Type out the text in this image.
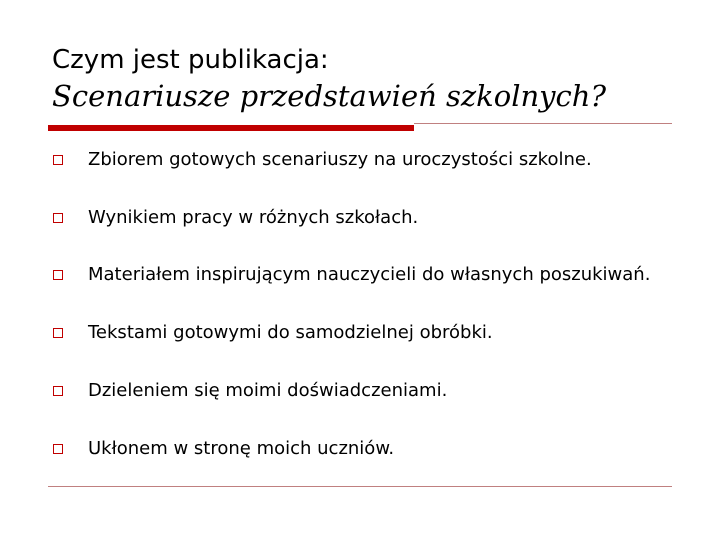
Czym jest publikacja:
Scenariusze przedstawień szkolnych?
Zbiorem gotowych scenariuszy na uroczystości szkolne.
Wynikiem pracy w różnych szkołach.
Materiałem inspirującym nauczycieli do własnych poszukiwań.
Tekstami gotowymi do samodzielnej obróbki.
Dzieleniem się moimi doświadczeniami.
Ukłonem w stronę moich uczniów.
